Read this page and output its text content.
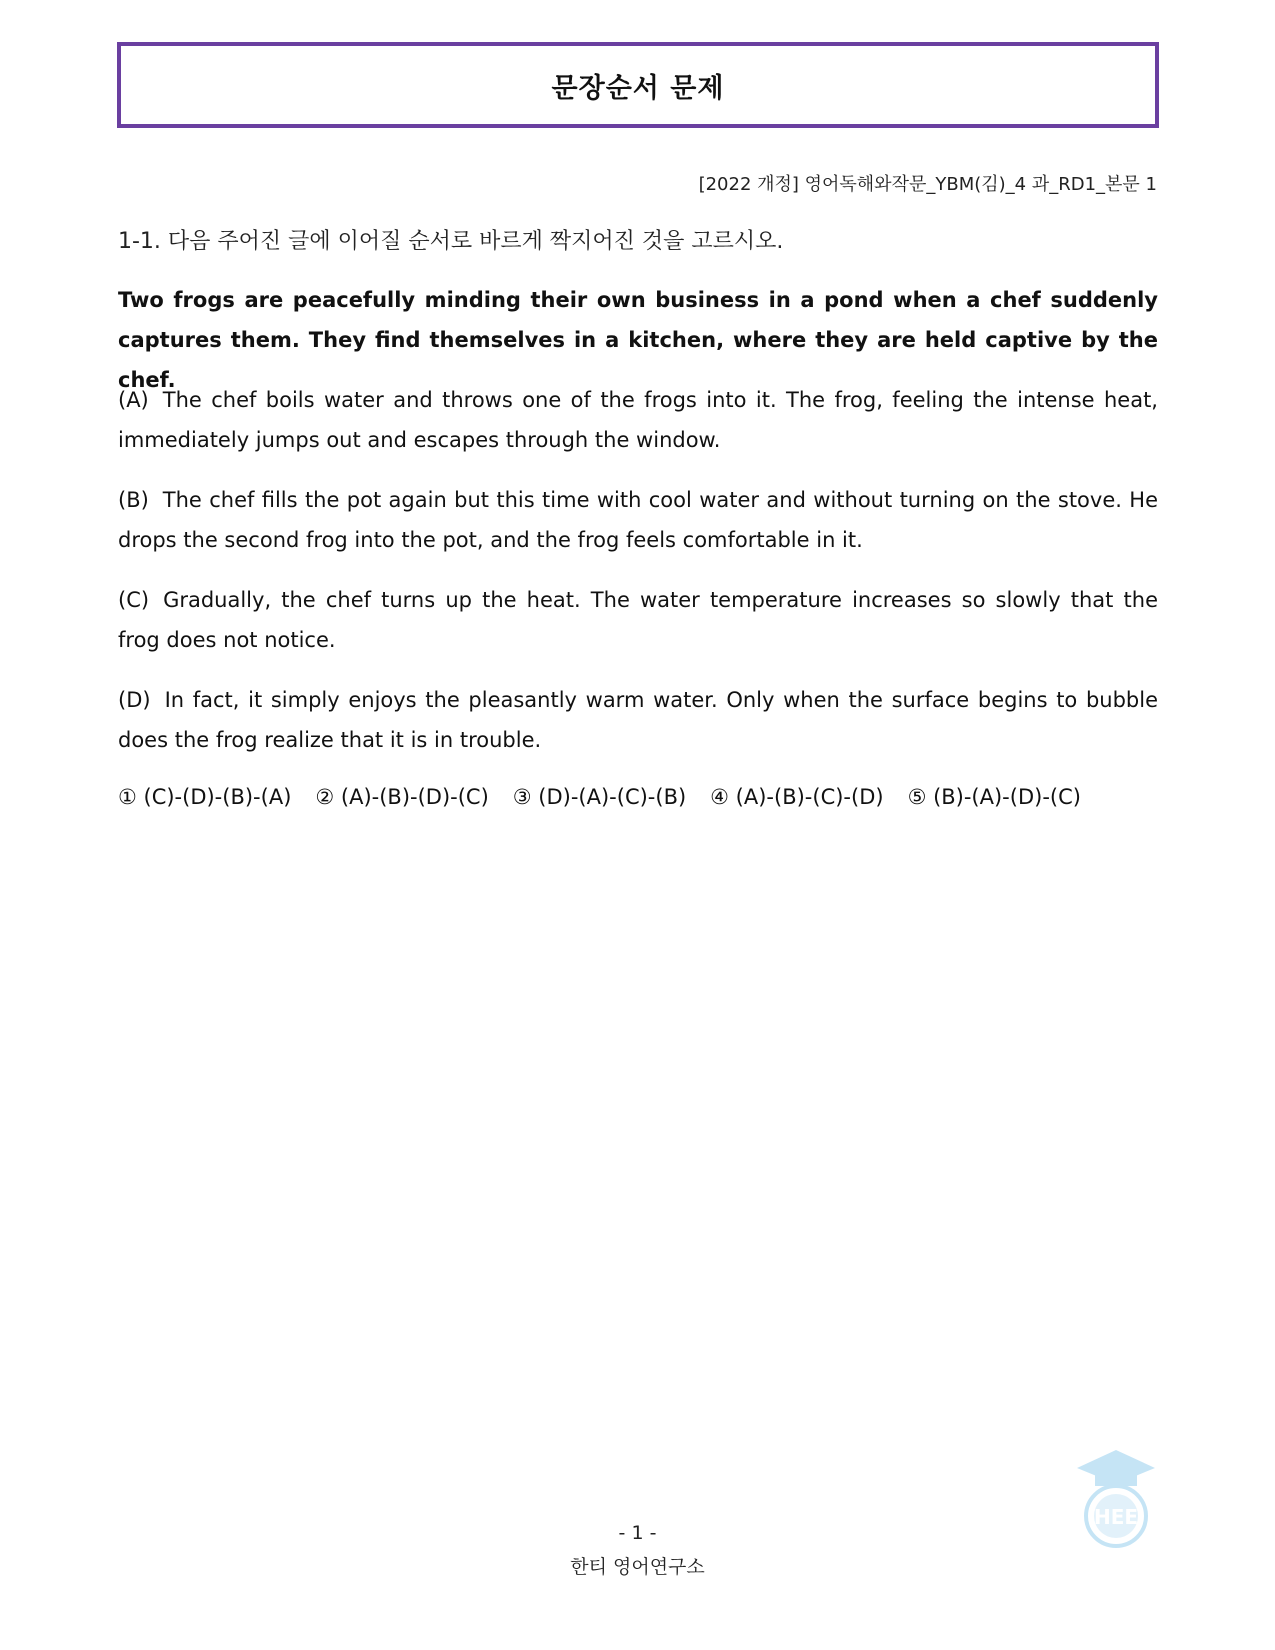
문장순서 문제
[2022 개정] 영어독해와작문_YBM(김)_4 과_RD1_본문 1
1-1. 다음 주어진 글에 이어질 순서로 바르게 짝지어진 것을 고르시오.
Two frogs are peacefully minding their own business in a pond when a chef suddenly captures them. They find themselves in a kitchen, where they are held captive by the chef.
(A) The chef boils water and throws one of the frogs into it. The frog, feeling the intense heat, immediately jumps out and escapes through the window.
(B) The chef fills the pot again but this time with cool water and without turning on the stove. He drops the second frog into the pot, and the frog feels comfortable in it.
(C) Gradually, the chef turns up the heat. The water temperature increases so slowly that the frog does not notice.
(D) In fact, it simply enjoys the pleasantly warm water. Only when the surface begins to bubble does the frog realize that it is in trouble.
① (C)-(D)-(B)-(A) ② (A)-(B)-(D)-(C) ③ (D)-(A)-(C)-(B) ④ (A)-(B)-(C)-(D) ⑤ (B)-(A)-(D)-(C)
- 1 -
한티 영어연구소
HEE
